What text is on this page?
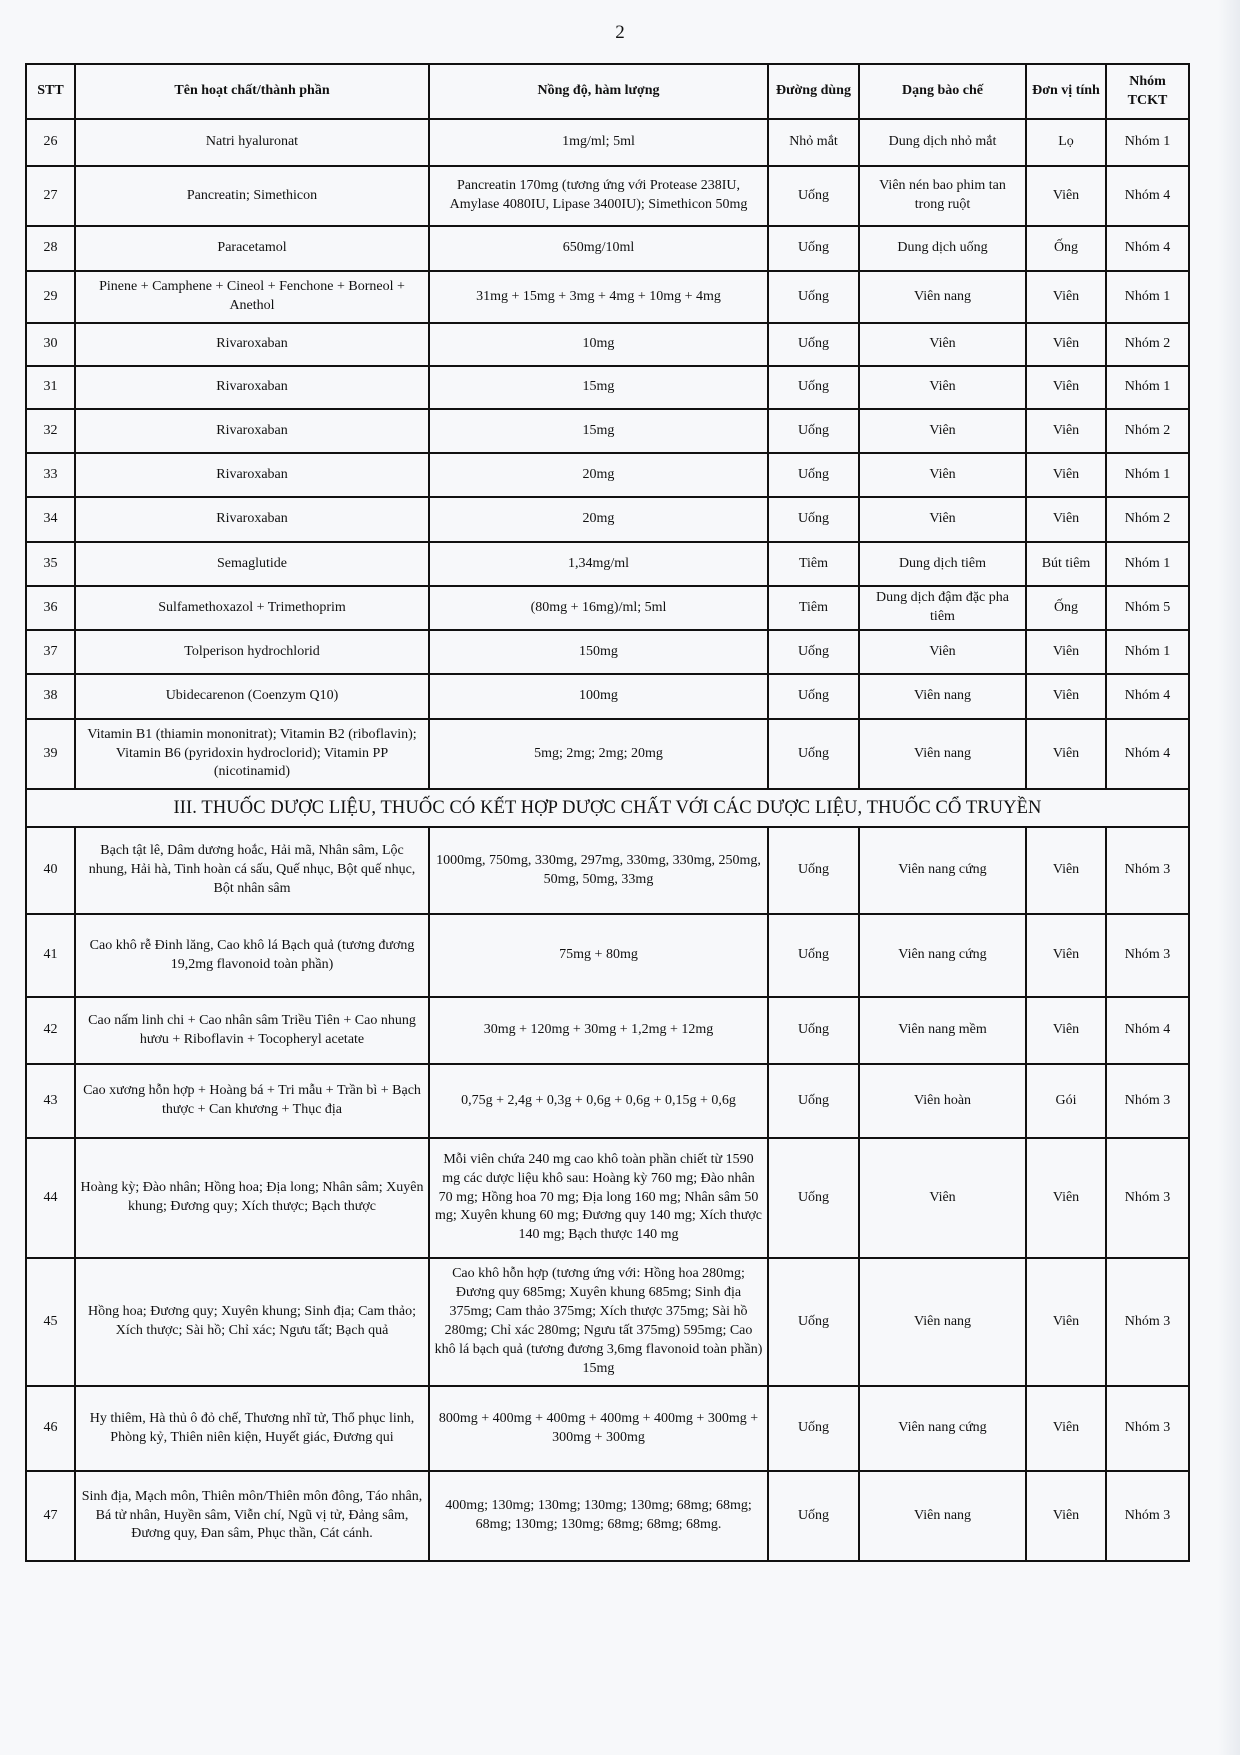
2
STT	Tên hoạt chất/thành phần	Nồng độ, hàm lượng	Đường dùng	Dạng bào chế	Đơn vị tính	Nhóm TCKT
26	Natri hyaluronat	1mg/ml; 5ml	Nhỏ mắt	Dung dịch nhỏ mắt	Lọ	Nhóm 1
27	Pancreatin; Simethicon	Pancreatin 170mg (tương ứng với Protease 238IU, Amylase 4080IU, Lipase 3400IU); Simethicon 50mg	Uống	Viên nén bao phim tan trong ruột	Viên	Nhóm 4
28	Paracetamol	650mg/10ml	Uống	Dung dịch uống	Ống	Nhóm 4
29	Pinene + Camphene + Cineol + Fenchone + Borneol + Anethol	31mg + 15mg + 3mg + 4mg + 10mg + 4mg	Uống	Viên nang	Viên	Nhóm 1
30	Rivaroxaban	10mg	Uống	Viên	Viên	Nhóm 2
31	Rivaroxaban	15mg	Uống	Viên	Viên	Nhóm 1
32	Rivaroxaban	15mg	Uống	Viên	Viên	Nhóm 2
33	Rivaroxaban	20mg	Uống	Viên	Viên	Nhóm 1
34	Rivaroxaban	20mg	Uống	Viên	Viên	Nhóm 2
35	Semaglutide	1,34mg/ml	Tiêm	Dung dịch tiêm	Bút tiêm	Nhóm 1
36	Sulfamethoxazol + Trimethoprim	(80mg + 16mg)/ml; 5ml	Tiêm	Dung dịch đậm đặc pha tiêm	Ống	Nhóm 5
37	Tolperison hydrochlorid	150mg	Uống	Viên	Viên	Nhóm 1
38	Ubidecarenon (Coenzym Q10)	100mg	Uống	Viên nang	Viên	Nhóm 4
39	Vitamin B1 (thiamin mononitrat); Vitamin B2 (riboflavin); Vitamin B6 (pyridoxin hydroclorid); Vitamin PP (nicotinamid)	5mg; 2mg; 2mg; 20mg	Uống	Viên nang	Viên	Nhóm 4
III. THUỐC DƯỢC LIỆU, THUỐC CÓ KẾT HỢP DƯỢC CHẤT VỚI CÁC DƯỢC LIỆU, THUỐC CỔ TRUYỀN						
40	Bạch tật lê, Dâm dương hoắc, Hải mã, Nhân sâm, Lộc nhung, Hải hà, Tinh hoàn cá sấu, Quế nhục, Bột quế nhục, Bột nhân sâm	1000mg, 750mg, 330mg, 297mg, 330mg, 330mg, 250mg, 50mg, 50mg, 33mg	Uống	Viên nang cứng	Viên	Nhóm 3
41	Cao khô rễ Đinh lăng, Cao khô lá Bạch quả (tương đương 19,2mg flavonoid toàn phần)	75mg + 80mg	Uống	Viên nang cứng	Viên	Nhóm 3
42	Cao nấm linh chi + Cao nhân sâm Triều Tiên + Cao nhung hươu + Riboflavin + Tocopheryl acetate	30mg + 120mg + 30mg + 1,2mg + 12mg	Uống	Viên nang mềm	Viên	Nhóm 4
43	Cao xương hỗn hợp + Hoàng bá + Tri mẫu + Trần bì + Bạch thược + Can khương + Thục địa	0,75g + 2,4g + 0,3g + 0,6g + 0,6g + 0,15g + 0,6g	Uống	Viên hoàn	Gói	Nhóm 3
44	Hoàng kỳ; Đào nhân; Hồng hoa; Địa long; Nhân sâm; Xuyên khung; Đương quy; Xích thược; Bạch thược	Mỗi viên chứa 240 mg cao khô toàn phần chiết từ 1590 mg các dược liệu khô sau: Hoàng kỳ 760 mg; Đào nhân 70 mg; Hồng hoa 70 mg; Địa long 160 mg; Nhân sâm 50 mg; Xuyên khung 60 mg; Đương quy 140 mg; Xích thược 140 mg; Bạch thược 140 mg	Uống	Viên	Viên	Nhóm 3
45	Hồng hoa; Đương quy; Xuyên khung; Sinh địa; Cam thảo; Xích thược; Sài hồ; Chỉ xác; Ngưu tất; Bạch quả	Cao khô hỗn hợp (tương ứng với: Hồng hoa 280mg; Đương quy 685mg; Xuyên khung 685mg; Sinh địa 375mg; Cam thảo 375mg; Xích thược 375mg; Sài hồ 280mg; Chỉ xác 280mg; Ngưu tất 375mg) 595mg; Cao khô lá bạch quả (tương đương 3,6mg flavonoid toàn phần) 15mg	Uống	Viên nang	Viên	Nhóm 3
46	Hy thiêm, Hà thủ ô đỏ chế, Thương nhĩ tử, Thổ phục linh, Phòng kỷ, Thiên niên kiện, Huyết giác, Đương qui	800mg + 400mg + 400mg + 400mg + 400mg + 300mg + 300mg + 300mg	Uống	Viên nang cứng	Viên	Nhóm 3
47	Sinh địa, Mạch môn, Thiên môn/Thiên môn đông, Táo nhân, Bá tử nhân, Huyền sâm, Viễn chí, Ngũ vị tử, Đảng sâm, Đương quy, Đan sâm, Phục thần, Cát cánh.	400mg; 130mg; 130mg; 130mg; 130mg; 68mg; 68mg; 68mg; 130mg; 130mg; 68mg; 68mg; 68mg.	Uống	Viên nang	Viên	Nhóm 3
